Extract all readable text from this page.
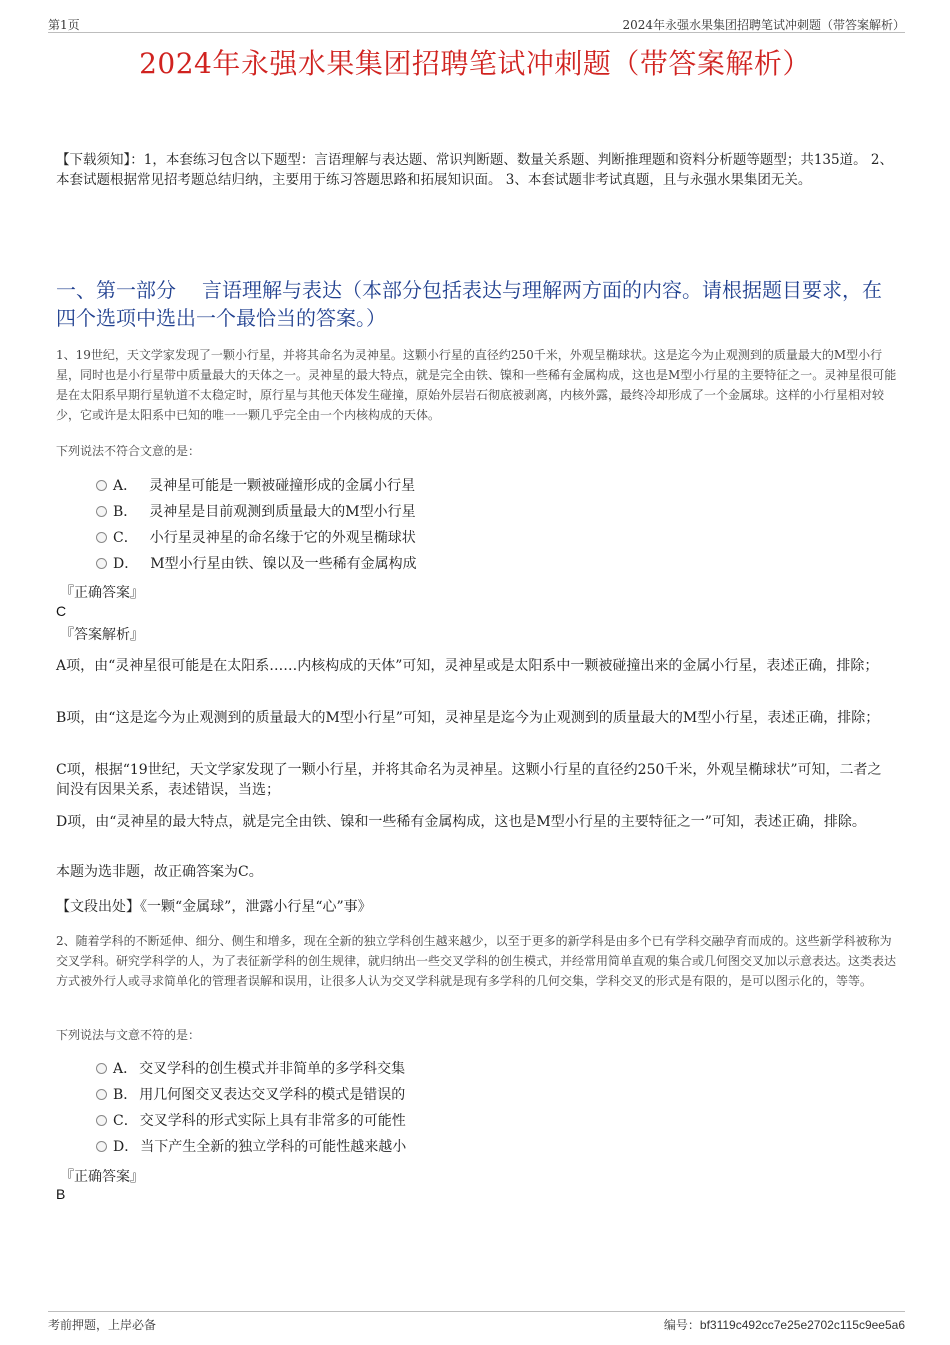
第1页	2024年永强水果集团招聘笔试冲刺题（带答案解析）
2024年永强水果集团招聘笔试冲刺题（带答案解析）
【下载须知】：1，本套练习包含以下题型：言语理解与表达题、常识判断题、数量关系题、判断推理题和资料分析题等题型；共135道。 2、本套试题根据常见招考题总结归纳，主要用于练习答题思路和拓展知识面。 3、本套试题非考试真题，且与永强水果集团无关。
一、第一部分 言语理解与表达（本部分包括表达与理解两方面的内容。请根据题目要求，在四个选项中选出一个最恰当的答案。）
1、19世纪，天文学家发现了一颗小行星，并将其命名为灵神星。这颗小行星的直径约250千米，外观呈椭球状。这是迄今为止观测到的质量最大的M型小行星，同时也是小行星带中质量最大的天体之一。灵神星的最大特点，就是完全由铁、镍和一些稀有金属构成，这也是M型小行星的主要特征之一。灵神星很可能是在太阳系早期行星轨道不太稳定时，原行星与其他天体发生碰撞，原始外层岩石彻底被剥离，内核外露，最终冷却形成了一个金属球。这样的小行星相对较少，它或许是太阳系中已知的唯一一颗几乎完全由一个内核构成的天体。
下列说法不符合文意的是：
A． 灵神星可能是一颗被碰撞形成的金属小行星
B． 灵神星是目前观测到质量最大的M型小行星
C． 小行星灵神星的命名缘于它的外观呈椭球状
D． M型小行星由铁、镍以及一些稀有金属构成
『正确答案』
C
『答案解析』
A项，由“灵神星很可能是在太阳系……内核构成的天体”可知，灵神星或是太阳系中一颗被碰撞出来的金属小行星，表述正确，排除；
B项，由“这是迄今为止观测到的质量最大的M型小行星”可知，灵神星是迄今为止观测到的质量最大的M型小行星，表述正确，排除；
C项，根据“19世纪，天文学家发现了一颗小行星，并将其命名为灵神星。这颗小行星的直径约250千米，外观呈椭球状”可知，二者之间没有因果关系，表述错误，当选；
D项，由“灵神星的最大特点，就是完全由铁、镍和一些稀有金属构成，这也是M型小行星的主要特征之一”可知，表述正确，排除。
本题为选非题，故正确答案为C。
【文段出处】《一颗“金属球”，泄露小行星“心”事》
2、随着学科的不断延伸、细分、侧生和增多，现在全新的独立学科创生越来越少，以至于更多的新学科是由多个已有学科交融孕育而成的。这些新学科被称为交叉学科。研究学科学的人，为了表征新学科的创生规律，就归纳出一些交叉学科的创生模式，并经常用简单直观的集合或几何图交叉加以示意表达。这类表达方式被外行人或寻求简单化的管理者误解和误用，让很多人认为交叉学科就是现有多学科的几何交集，学科交叉的形式是有限的，是可以图示化的，等等。
下列说法与文意不符的是：
A． 交叉学科的创生模式并非简单的多学科交集
B． 用几何图交叉表达交叉学科的模式是错误的
C． 交叉学科的形式实际上具有非常多的可能性
D． 当下产生全新的独立学科的可能性越来越小
『正确答案』
B
考前押题，上岸必备	编号：bf3119c492cc7e25e2702c115c9ee5a6
